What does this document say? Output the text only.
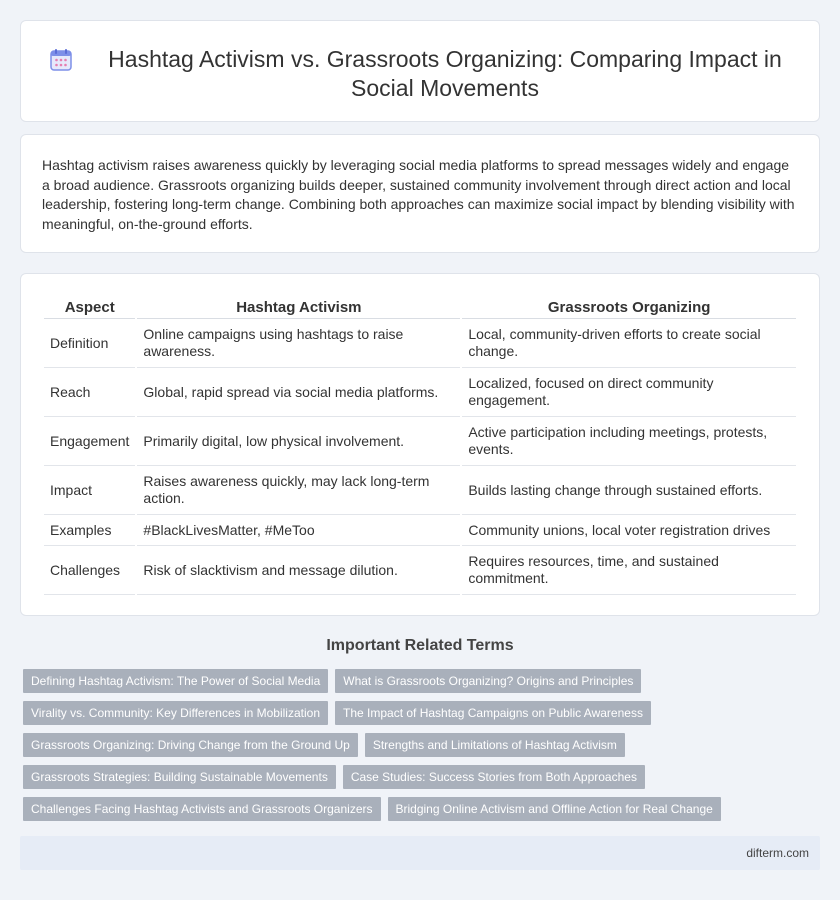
Hashtag Activism vs. Grassroots Organizing: Comparing Impact in Social Movements

Hashtag activism raises awareness quickly by leveraging social media platforms to spread messages widely and engage a broad audience. Grassroots organizing builds deeper, sustained community involvement through direct action and local leadership, fostering long-term change. Combining both approaches can maximize social impact by blending visibility with meaningful, on-the-ground efforts.

Aspect	Hashtag Activism	Grassroots Organizing
Definition	Online campaigns using hashtags to raise awareness.	Local, community-driven efforts to create social change.
Reach	Global, rapid spread via social media platforms.	Localized, focused on direct community engagement.
Engagement	Primarily digital, low physical involvement.	Active participation including meetings, protests, events.
Impact	Raises awareness quickly, may lack long-term action.	Builds lasting change through sustained efforts.
Examples	#BlackLivesMatter, #MeToo	Community unions, local voter registration drives
Challenges	Risk of slacktivism and message dilution.	Requires resources, time, and sustained commitment.
Important Related Terms
Defining Hashtag Activism: The Power of Social Media	What is Grassroots Organizing? Origins and Principles
Virality vs. Community: Key Differences in Mobilization	The Impact of Hashtag Campaigns on Public Awareness
Grassroots Organizing: Driving Change from the Ground Up	Strengths and Limitations of Hashtag Activism
Grassroots Strategies: Building Sustainable Movements	Case Studies: Success Stories from Both Approaches
Challenges Facing Hashtag Activists and Grassroots Organizers	Bridging Online Activism and Offline Action for Real Change
difterm.com
